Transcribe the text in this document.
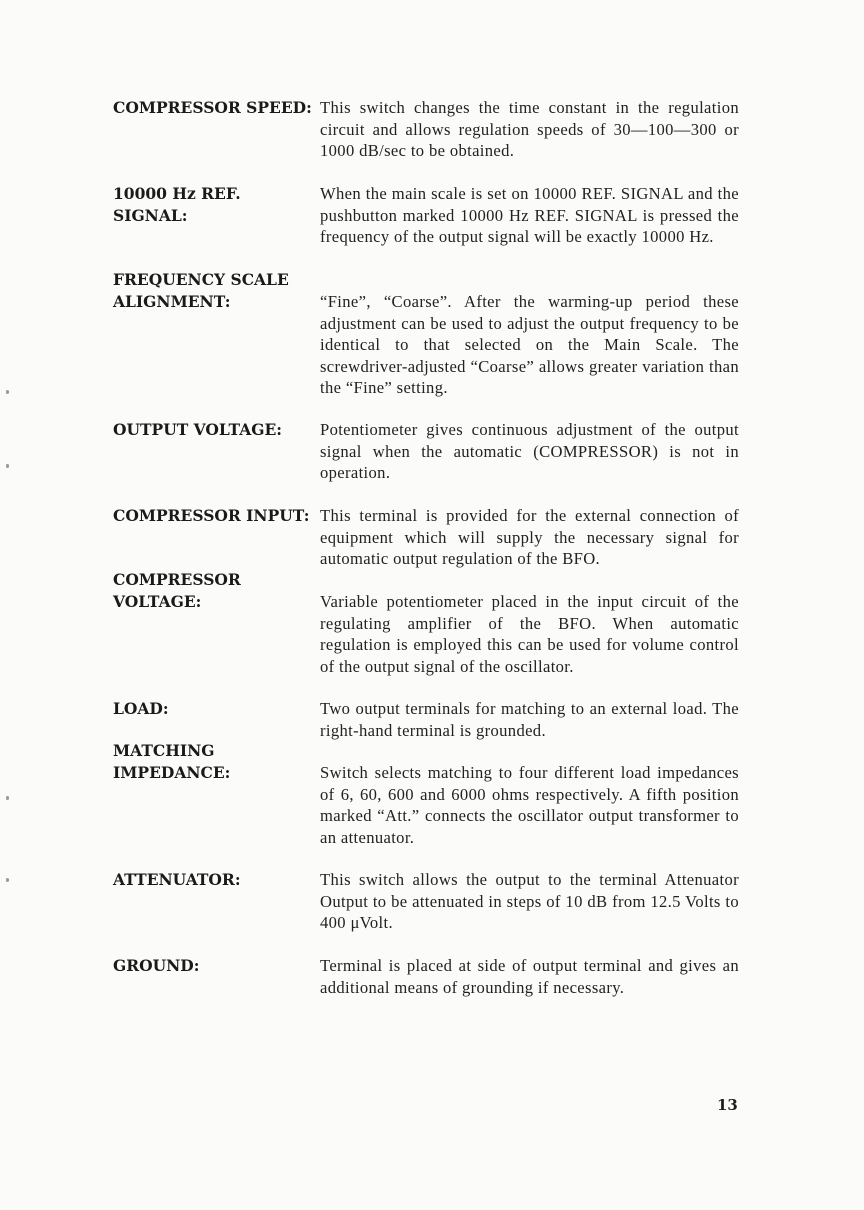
COMPRESSOR SPEED: This switch changes the time constant in the regulation circuit and allows regulation speeds of 30—100—300 or 1000 dB/sec to be obtained.
10000 Hz REF. SIGNAL:
When the main scale is set on 10000 REF. SIGNAL and the pushbutton marked 10000 Hz REF. SIGNAL is pressed the frequency of the output signal will be exactly 10000 Hz.
FREQUENCY SCALE
ALIGNMENT:	“Fine”, “Coarse”. After the warming-up period these adjustment can be used to adjust the output frequency to be identical to that selected on the Main Scale. The screwdriver-adjusted “Coarse” allows greater variation than the “Fine” setting.
OUTPUT VOLTAGE:	Potentiometer gives continuous adjustment of the output signal when the automatic (COMPRESSOR) is not in operation.
COMPRESSOR INPUT: This terminal is provided for the external connection of equipment which will supply the necessary signal for automatic output regulation of the BFO.
COMPRESSOR
VOLTAGE:	Variable potentiometer placed in the input circuit of the regulating amplifier of the BFO. When automatic regulation is employed this can be used for volume control of the output signal of the oscillator.
LOAD:	Two output terminals for matching to an external load. The right-hand terminal is grounded.
MATCHING
IMPEDANCE:	Switch selects matching to four different load impedances of 6, 60, 600 and 6000 ohms respectively. A fifth position marked “Att.” connects the oscillator output transformer to an attenuator.
ATTENUATOR:	This switch allows the output to the terminal Attenuator Output to be attenuated in steps of 10 dB from 12.5 Volts to 400 μVolt.
GROUND:	Terminal is placed at side of output terminal and gives an additional means of grounding if necessary.
13
